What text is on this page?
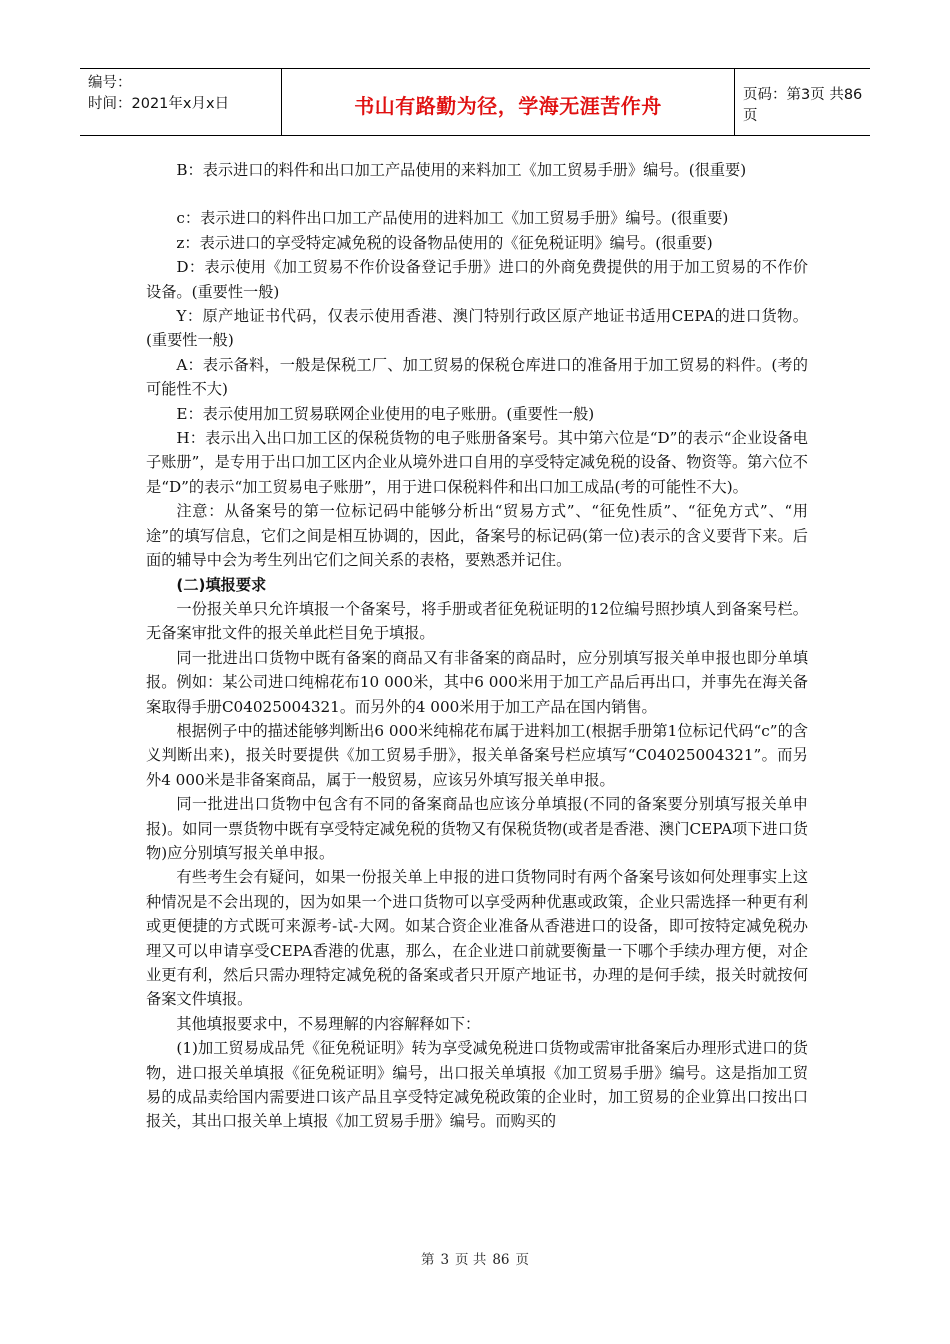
编号：
时间：2021年x月x日	书山有路勤为径，学海无涯苦作舟	页码：第3页 共86页

B：表示进口的料件和出口加工产品使用的来料加工《加工贸易手册》编号。(很重要)

c：表示进口的料件出口加工产品使用的进料加工《加工贸易手册》编号。(很重要)

z：表示进口的享受特定减免税的设备物品使用的《征免税证明》编号。(很重要)

D：表示使用《加工贸易不作价设备登记手册》进口的外商免费提供的用于加工贸易的不作价设备。(重要性一般)

Y：原产地证书代码，仅表示使用香港、澳门特别行政区原产地证书适用CEPA的进口货物。(重要性一般)

A：表示备料，一般是保税工厂、加工贸易的保税仓库进口的准备用于加工贸易的料件。(考的可能性不大)

E：表示使用加工贸易联网企业使用的电子账册。(重要性一般)

H：表示出入出口加工区的保税货物的电子账册备案号。其中第六位是“D”的表示“企业设备电子账册”，是专用于出口加工区内企业从境外进口自用的享受特定减免税的设备、物资等。第六位不是“D”的表示“加工贸易电子账册”，用于进口保税料件和出口加工成品(考的可能性不大)。

注意：从备案号的第一位标记码中能够分析出“贸易方式”、“征免性质”、“征免方式”、“用途”的填写信息，它们之间是相互协调的，因此，备案号的标记码(第一位)表示的含义要背下来。后面的辅导中会为考生列出它们之间关系的表格，要熟悉并记住。

(二)填报要求

一份报关单只允许填报一个备案号，将手册或者征免税证明的12位编号照抄填人到备案号栏。无备案审批文件的报关单此栏目免于填报。

同一批进出口货物中既有备案的商品又有非备案的商品时，应分别填写报关单申报也即分单填报。例如：某公司进口纯棉花布10 000米，其中6 000米用于加工产品后再出口，并事先在海关备案取得手册C04025004321。而另外的4 000米用于加工产品在国内销售。

根据例子中的描述能够判断出6 000米纯棉花布属于进料加工(根据手册第1位标记代码“c”的含义判断出来)，报关时要提供《加工贸易手册》，报关单备案号栏应填写“C04025004321”。而另外4 000米是非备案商品，属于一般贸易，应该另外填写报关单申报。

同一批进出口货物中包含有不同的备案商品也应该分单填报(不同的备案要分别填写报关单申报)。如同一票货物中既有享受特定减免税的货物又有保税货物(或者是香港、澳门CEPA项下进口货物)应分别填写报关单申报。

有些考生会有疑问，如果一份报关单上申报的进口货物同时有两个备案号该如何处理事实上这种情况是不会出现的，因为如果一个进口货物可以享受两种优惠或政策，企业只需选择一种更有利或更便捷的方式既可来源考-试-大网。如某合资企业准备从香港进口的设备，即可按特定减免税办理又可以申请享受CEPA香港的优惠，那么，在企业进口前就要衡量一下哪个手续办理方便，对企业更有利，然后只需办理特定减免税的备案或者只开原产地证书，办理的是何手续，报关时就按何备案文件填报。

其他填报要求中，不易理解的内容解释如下：

(1)加工贸易成品凭《征免税证明》转为享受减免税进口货物或需审批备案后办理形式进口的货物，进口报关单填报《征免税证明》编号，出口报关单填报《加工贸易手册》编号。这是指加工贸易的成品卖给国内需要进口该产品且享受特定减免税政策的企业时，加工贸易的企业算出口按出口报关，其出口报关单上填报《加工贸易手册》编号。而购买的

第 3 页 共 86 页
